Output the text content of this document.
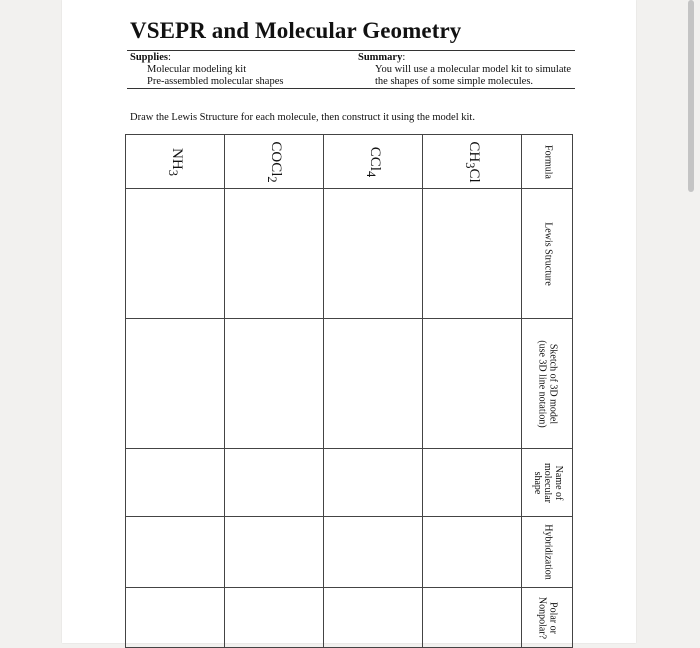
VSEPR and Molecular Geometry
Supplies:
Molecular modeling kit
Pre-assembled molecular shapes
Summary:
You will use a molecular model kit to simulate
the shapes of some simple molecules.
Draw the Lewis Structure for each molecule, then construct it using the model kit.
$NH_3$	COCl$_2$	CCl$_4$	$CH_3Cl$	Formula

				Lewis Structure

				Sketch of 3D model
(use 3D line notation)

				Name of
molecular
shape

				Hybridization

				Polar or
Nonpolar?
